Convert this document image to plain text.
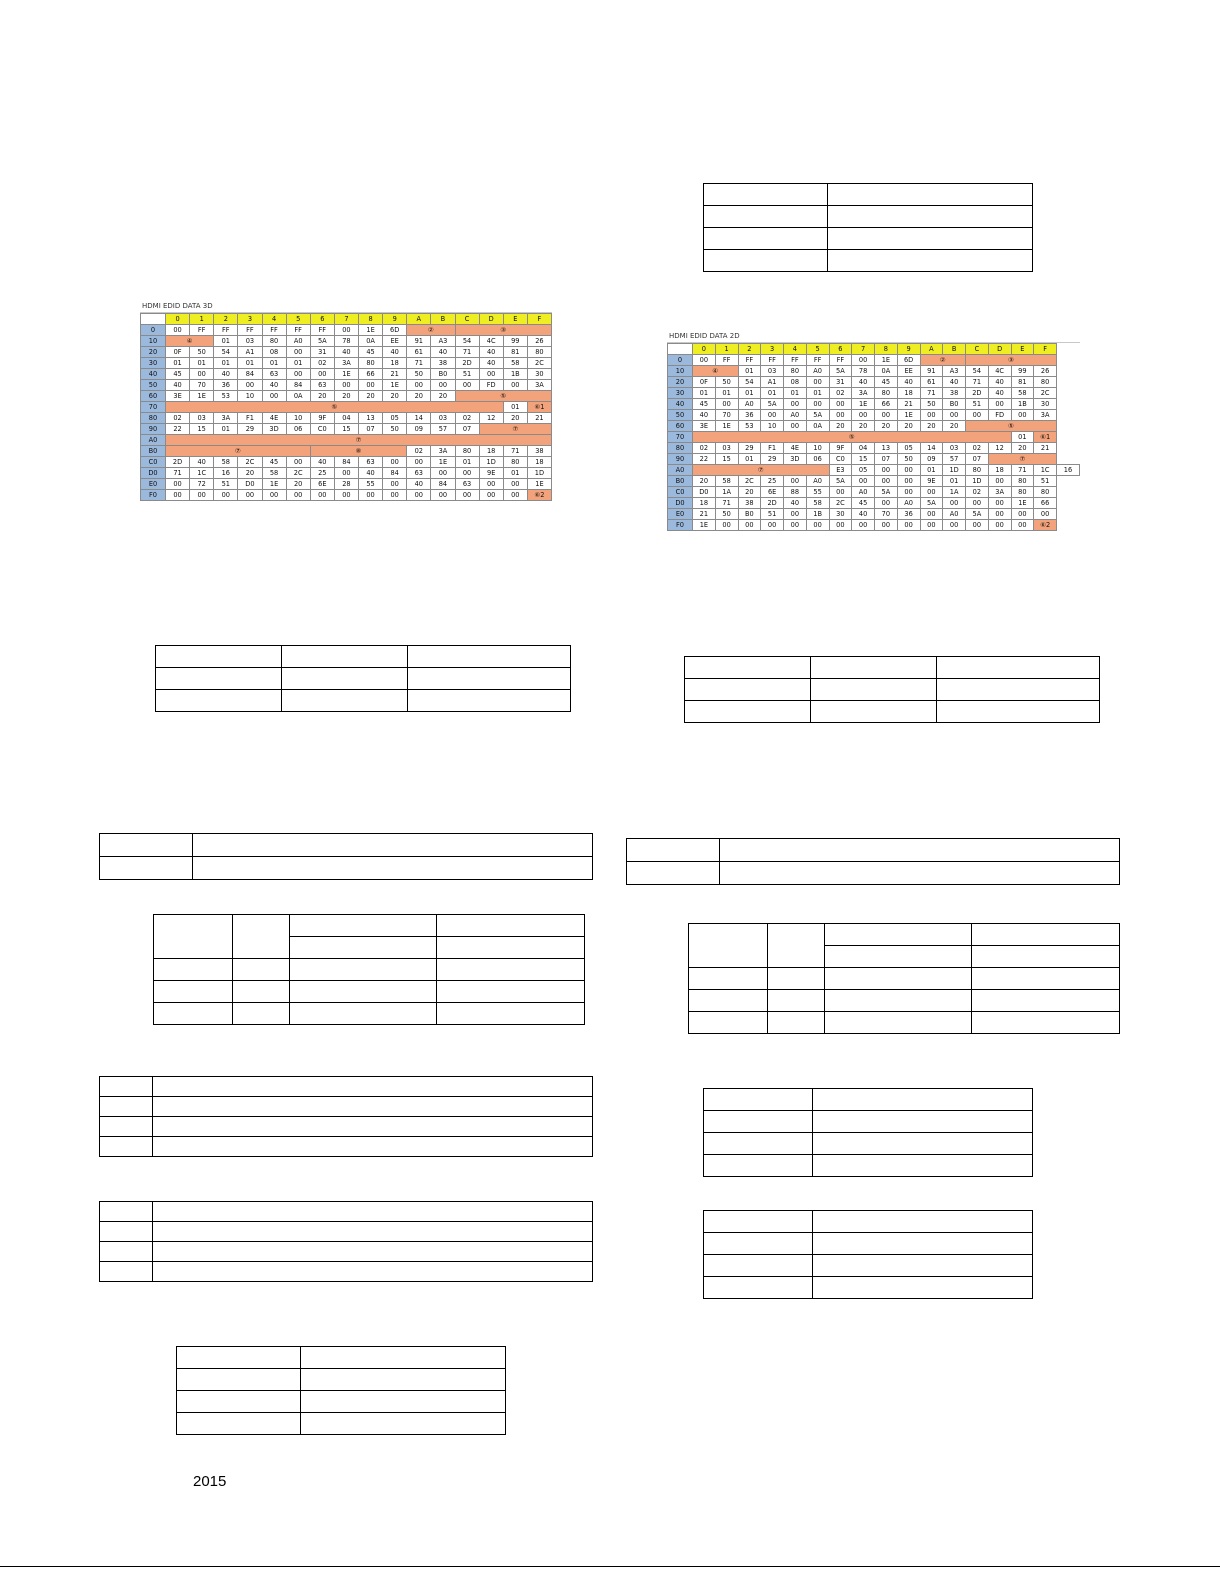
HDMI EDID DATA 3D
	0	1	2	3	4	5	6	7	8	9	A	B	C	D	E	F
0	00	FF	FF	FF	FF	FF	FF	00	1E	6D	②		③			
10	④		01	03	80	A0	5A	78	0A	EE	91	A3	54	4C	99	26
20	0F	50	54	A1	08	00	31	40	45	40	61	40	71	40	81	80
30	01	01	01	01	01	01	02	3A	80	18	71	38	2D	40	58	2C
40	45	00	40	84	63	00	00	1E	66	21	50	B0	51	00	1B	30
50	40	70	36	00	40	84	63	00	00	1E	00	00	00	FD	00	3A
60	3E	1E	53	10	00	0A	20	20	20	20	20	20	⑤			
70	⑤														01	⑥1
80	02	03	3A	F1	4E	10	9F	04	13	05	14	03	02	12	20	21
90	22	15	01	29	3D	06	C0	15	07	50	09	57	07	⑦		
A0	⑦															
B0	⑦						⑧				02	3A	80	18	71	38
C0	2D	40	58	2C	45	00	40	84	63	00	00	1E	01	1D	80	18
D0	71	1C	16	20	58	2C	25	00	40	84	63	00	00	9E	01	1D
E0	00	72	51	D0	1E	20	6E	28	55	00	40	84	63	00	00	1E
F0	00	00	00	00	00	00	00	00	00	00	00	00	00	00	00	⑥2
HDMI EDID DATA 2D
	0	1	2	3	4	5	6	7	8	9	A	B	C	D	E	F	
0	00	FF	FF	FF	FF	FF	FF	00	1E	6D	②		③				
10	④		01	03	80	A0	5A	78	0A	EE	91	A3	54	4C	99	26	
20	0F	50	54	A1	08	00	31	40	45	40	61	40	71	40	81	80	
30	01	01	01	01	01	01	02	3A	80	18	71	38	2D	40	58	2C	
40	45	00	A0	5A	00	00	00	1E	66	21	50	B0	51	00	1B	30	
50	40	70	36	00	A0	5A	00	00	00	1E	00	00	00	FD	00	3A	
60	3E	1E	53	10	00	0A	20	20	20	20	20	20	⑤				
70	⑤														01	⑥1	
80	02	03	29	F1	4E	10	9F	04	13	05	14	03	02	12	20	21	
90	22	15	01	29	3D	06	C0	15	07	50	09	57	07	⑦			
A0	⑦						E3	05	00	00	01	1D	80	18	71	1C	16
B0	20	58	2C	25	00	A0	5A	00	00	00	9E	01	1D	00	80	51	
C0	D0	1A	20	6E	88	55	00	A0	5A	00	00	1A	02	3A	80	80	
D0	18	71	38	2D	40	58	2C	45	00	A0	5A	00	00	00	1E	66	
E0	21	50	B0	51	00	1B	30	40	70	36	00	A0	5A	00	00	00	
F0	1E	00	00	00	00	00	00	00	00	00	00	00	00	00	00	⑥2	

2015
